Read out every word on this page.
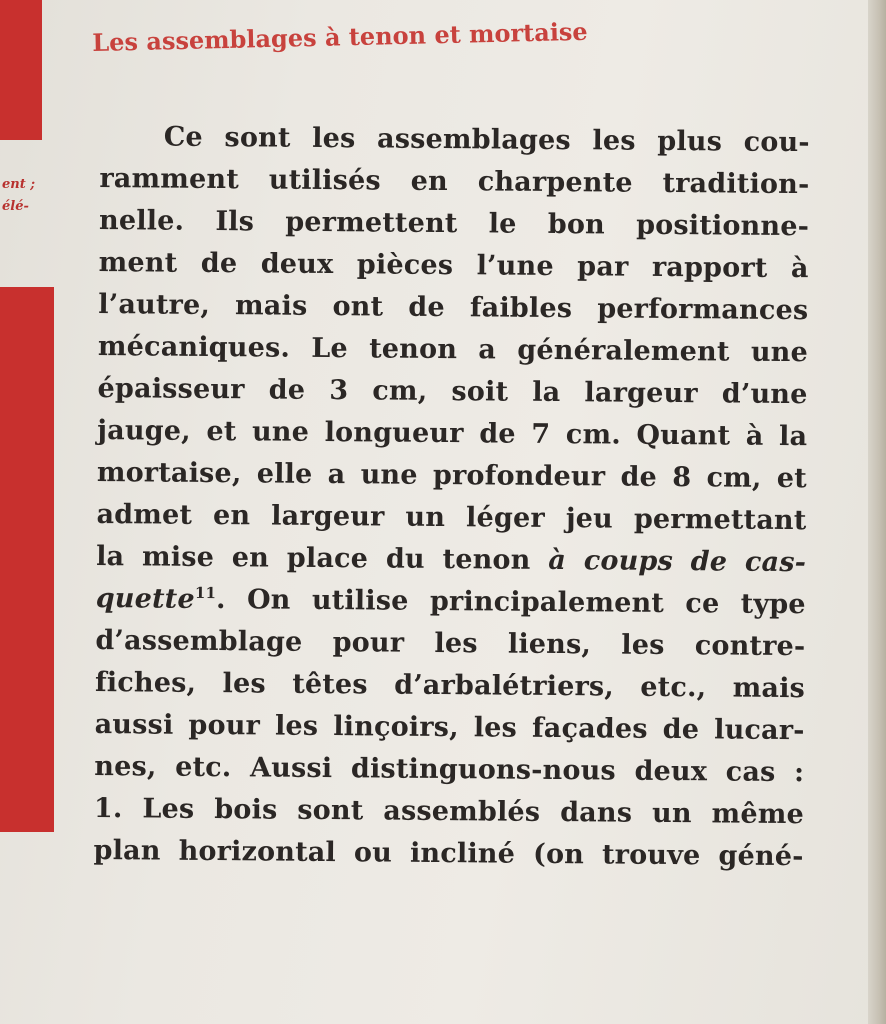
ent ;
élé-
Les assemblages à tenon et mortaise
Ce sont les assemblages les plus cou-
ramment utilisés en charpente tradition-
nelle. Ils permettent le bon positionne-
ment de deux pièces l’une par rapport à
l’autre, mais ont de faibles performances
mécaniques. Le tenon a généralement une
épaisseur de 3 cm, soit la largeur d’une
jauge, et une longueur de 7 cm. Quant à la
mortaise, elle a une profondeur de 8 cm, et
admet en largeur un léger jeu permettant
la mise en place du tenon à coups de cas-
quette$^{11}$. On utilise principalement ce type
d’assemblage pour les liens, les contre-
fiches, les têtes d’arbalétriers, etc., mais
aussi pour les linçoirs, les façades de lucar-
nes, etc. Aussi distinguons-nous deux cas :
1. Les bois sont assemblés dans un même
plan horizontal ou incliné (on trouve géné-
